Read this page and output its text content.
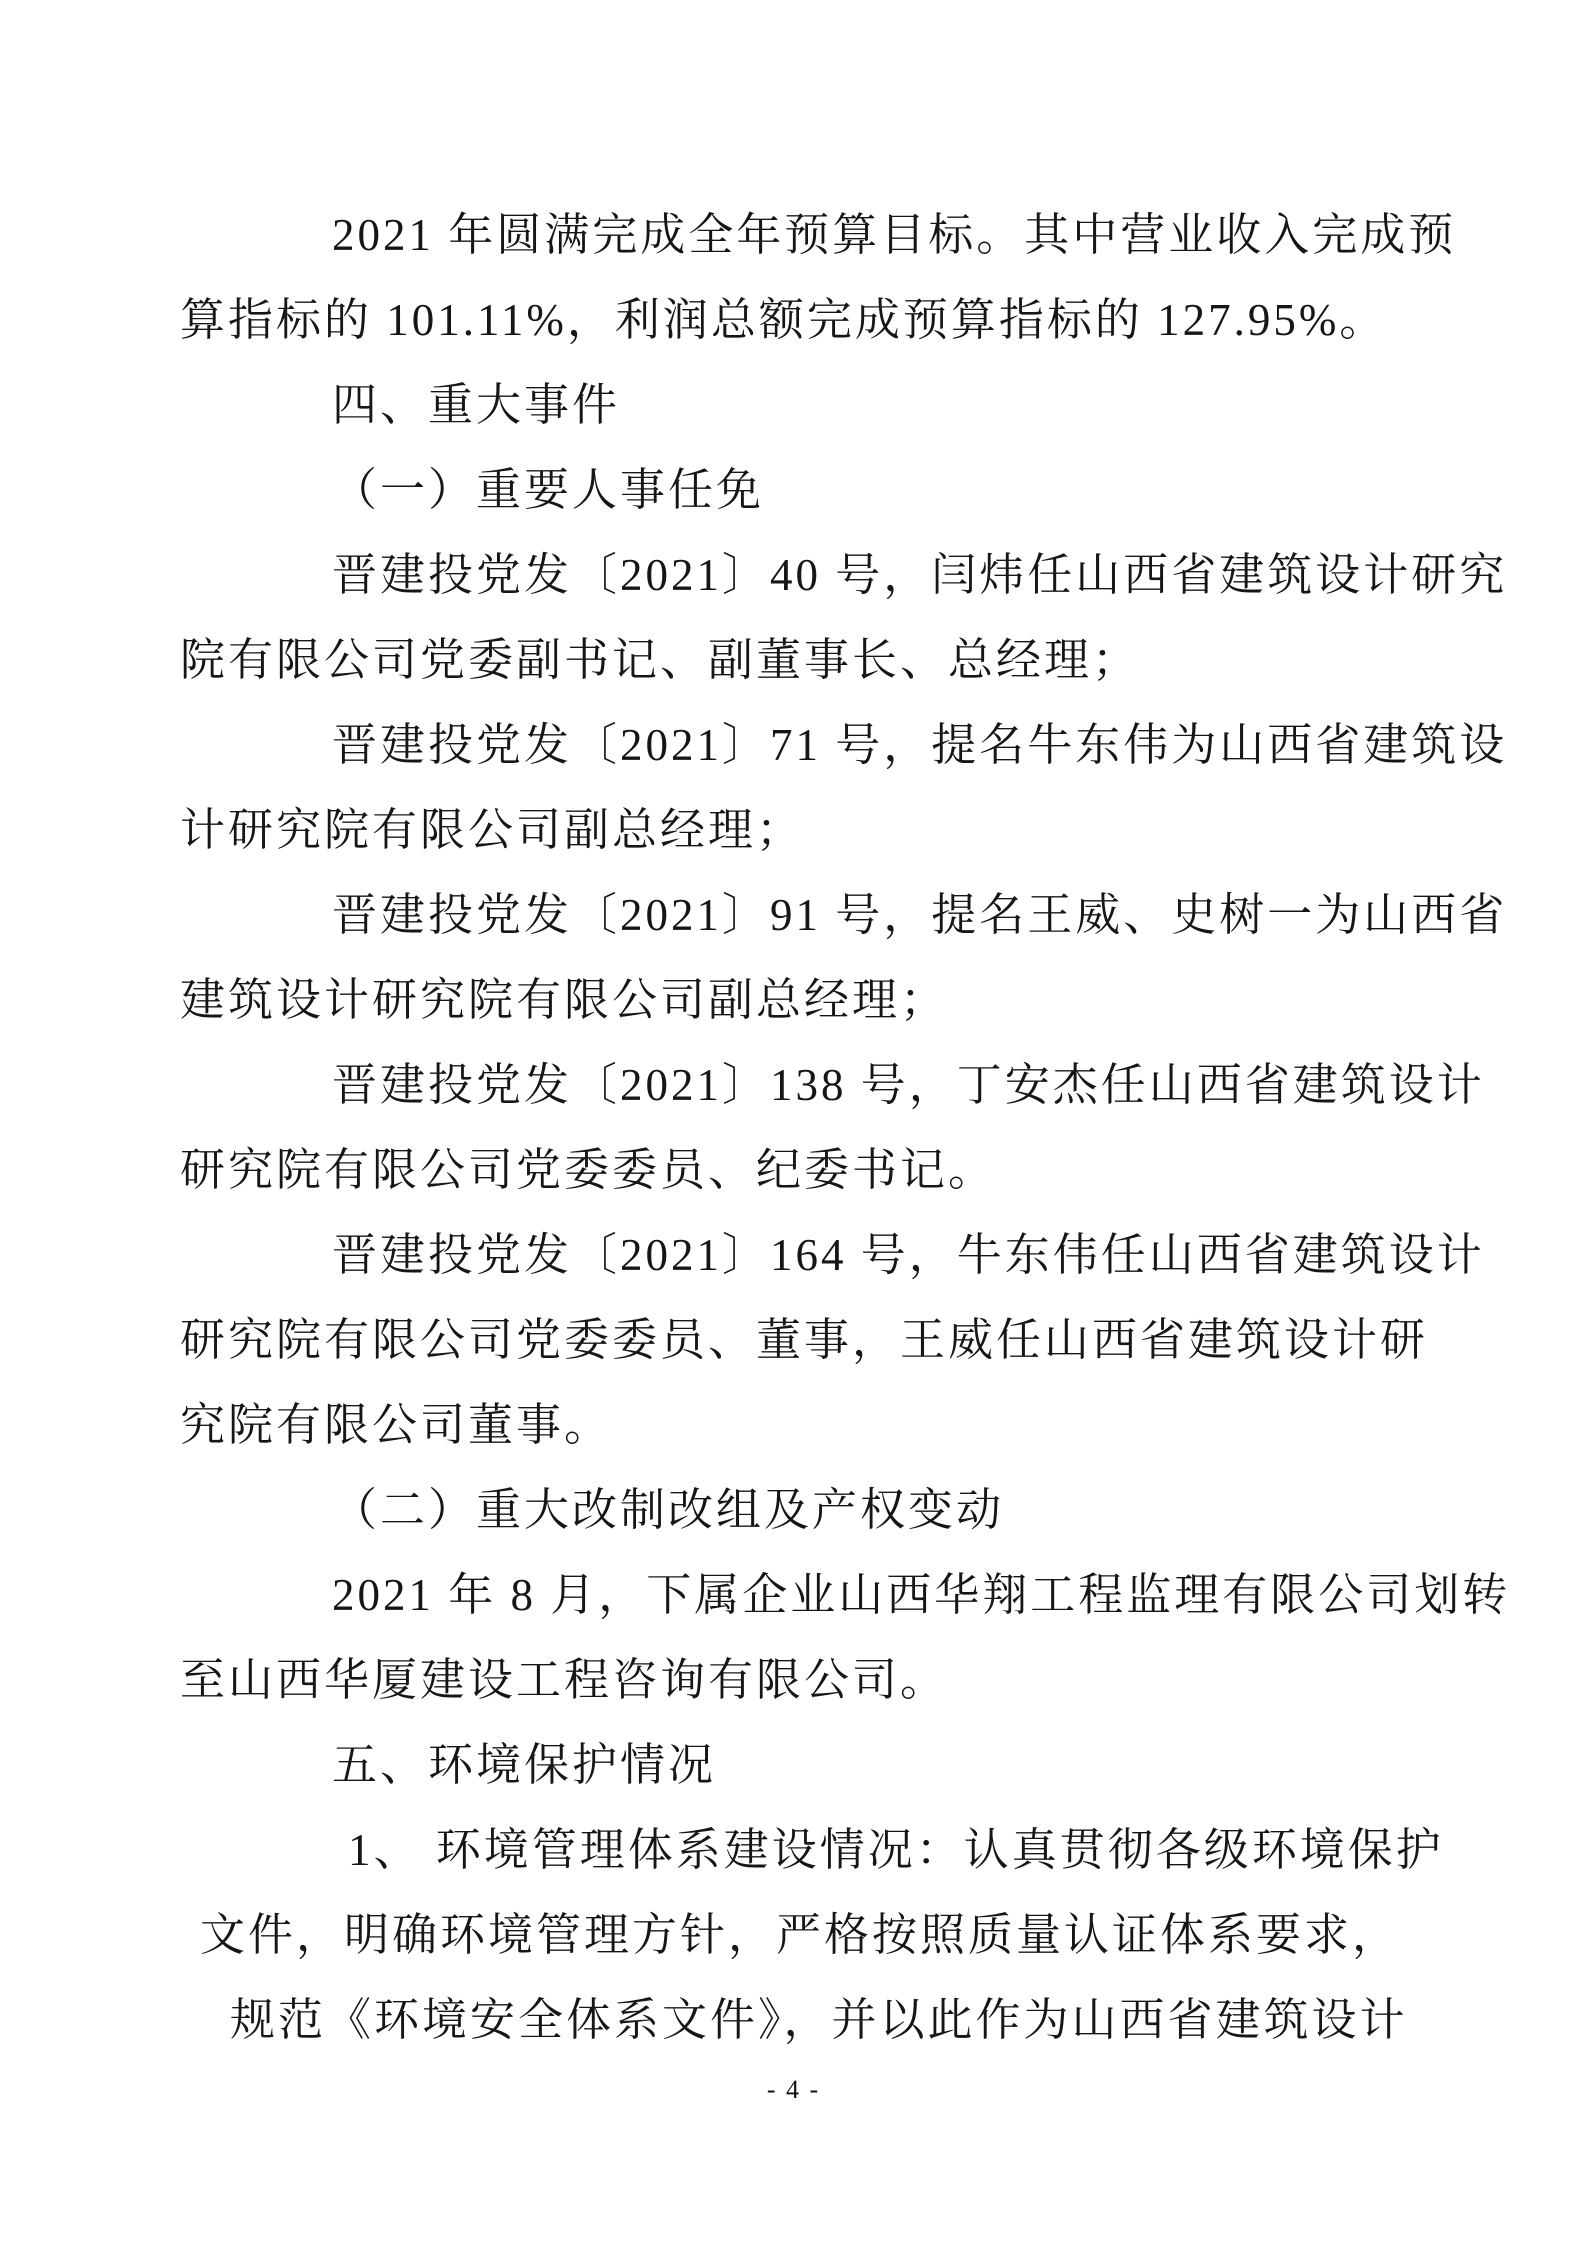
2021 年圆满完成全年预算目标。其中营业收入完成预
算指标的 101.11%，利润总额完成预算指标的 127.95%。
四、重大事件
（一）重要人事任免
晋建投党发〔2021〕40 号，闫炜任山西省建筑设计研究
院有限公司党委副书记、副董事长、总经理；
晋建投党发〔2021〕71 号，提名牛东伟为山西省建筑设
计研究院有限公司副总经理；
晋建投党发〔2021〕91 号，提名王威、史树一为山西省
建筑设计研究院有限公司副总经理；
晋建投党发〔2021〕138 号，丁安杰任山西省建筑设计
研究院有限公司党委委员、纪委书记。
晋建投党发〔2021〕164 号，牛东伟任山西省建筑设计
研究院有限公司党委委员、董事，王威任山西省建筑设计研
究院有限公司董事。
（二）重大改制改组及产权变动
2021 年 8 月，下属企业山西华翔工程监理有限公司划转
至山西华厦建设工程咨询有限公司。
五、环境保护情况
1、 环境管理体系建设情况：认真贯彻各级环境保护
文件，明确环境管理方针，严格按照质量认证体系要求，
规范《环境安全体系文件》，并以此作为山西省建筑设计
- 4 -
